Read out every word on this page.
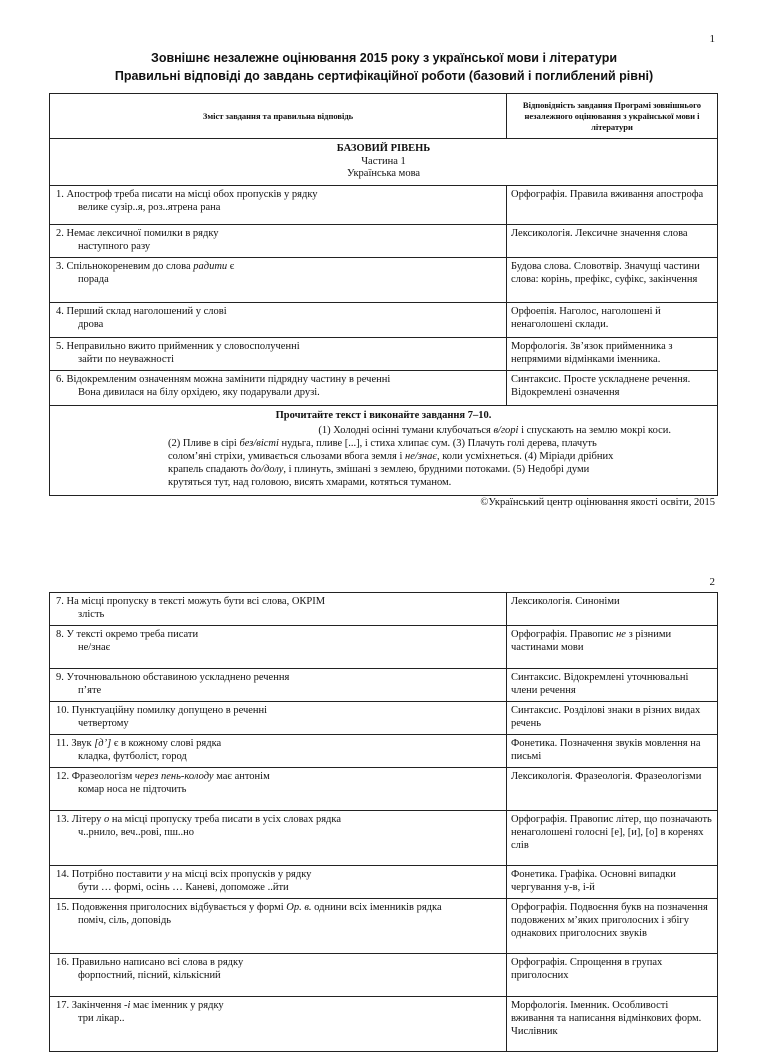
1
Зовнішнє незалежне оцінювання 2015 року з української мови і літератури
Правильні відповіді до завдань сертифікаційної роботи (базовий і поглиблений рівні)
Зміст завдання та правильна відповідь	Відповідність завдання Програмі зовнішнього незалежного оцінювання з української мови і літератури

БАЗОВИЙ РІВЕНЬ
Частина 1
Українська мова	

1. Апостроф треба писати на місці обох пропусків у рядку
велике сузір..я, роз..ятрена рана	Орфографія. Правила вживання апострофа

2. Немає лексичної помилки в рядку
наступного разу	Лексикологія. Лексичне значення слова

3. Спільнокореневим до слова радити є
порада	Будова слова. Словотвір. Значущі частини слова: корінь, префікс, суфікс, закінчення

4. Перший склад наголошений у слові
дрова	Орфоепія. Наголос, наголошені й ненаголошені склади.

5. Неправильно вжито прийменник у словосполученні
зайти по неуважності	Морфологія. Зв’язок прийменника з непрямими відмінками іменника.

6. Відокремленим означенням можна замінити підрядну частину в реченні
Вона дивилася на білу орхідею, яку подарували друзі.	Синтаксис. Просте ускладнене речення. Відокремлені означення

Прочитайте текст і виконайте завдання 7–10.
(1) Холодні осінні тумани клубочаться в/горі і спускають на землю мокрі коси.
(2) Пливе в сірі без/вісті нудьга, пливе [...], і стиха хлипає сум. (3) Плачуть голі дерева, плачуть солом’яні стріхи, умивається сльозами вбога земля і не/знає, коли усміхнеться. (4) Міріади дрібних крапель спадають до/долу, і плинуть, змішані з землею, брудними потоками. (5) Недобрі думи крутяться тут, над головою, висять хмарами, котяться туманом.	
©Український центр оцінювання якості освіти, 2015
2
7. На місці пропуску в тексті можуть бути всі слова, ОКРІМ
злість	Лексикологія. Синоніми

8. У тексті окремо треба писати
не/знає	Орфографія. Правопис не з різними частинами мови

9. Уточнювальною обставиною ускладнено речення
п’яте	Синтаксис. Відокремлені уточнювальні члени речення

10. Пунктуаційну помилку допущено в реченні
четвертому	Синтаксис. Розділові знаки в різних видах речень

11. Звук [д’] є в кожному слові рядка
кладка, футболіст, город	Фонетика. Позначення звуків мовлення на письмі

12. Фразеологізм через пень-колоду має антонім
комар носа не підточить	Лексикологія. Фразеологія. Фразеологізми

13. Літеру о на місці пропуску треба писати в усіх словах рядка
ч..рнило, веч..рові, пш..но	Орфографія. Правопис літер, що позначають ненаголошені голосні [е], [и], [о] в коренях слів

14. Потрібно поставити у на місці всіх пропусків у рядку
бути … формі, осінь … Каневі, допоможе ..йти	Фонетика. Графіка. Основні випадки чергування у-в, і-й

15. Подовження приголосних відбувається у формі Ор. в. однини всіх іменників рядка
поміч, сіль, доповідь	Орфографія. Подвоєння букв на позначення подовжених м’яких приголосних і збігу однакових приголосних звуків

16. Правильно написано всі слова в рядку
форпостний, пісний, кількісний	Орфографія. Спрощення в групах приголосних

17. Закінчення -і має іменник у рядку
три лікар..	Морфологія. Іменник. Особливості вживання та написання відмінкових форм. Числівник
